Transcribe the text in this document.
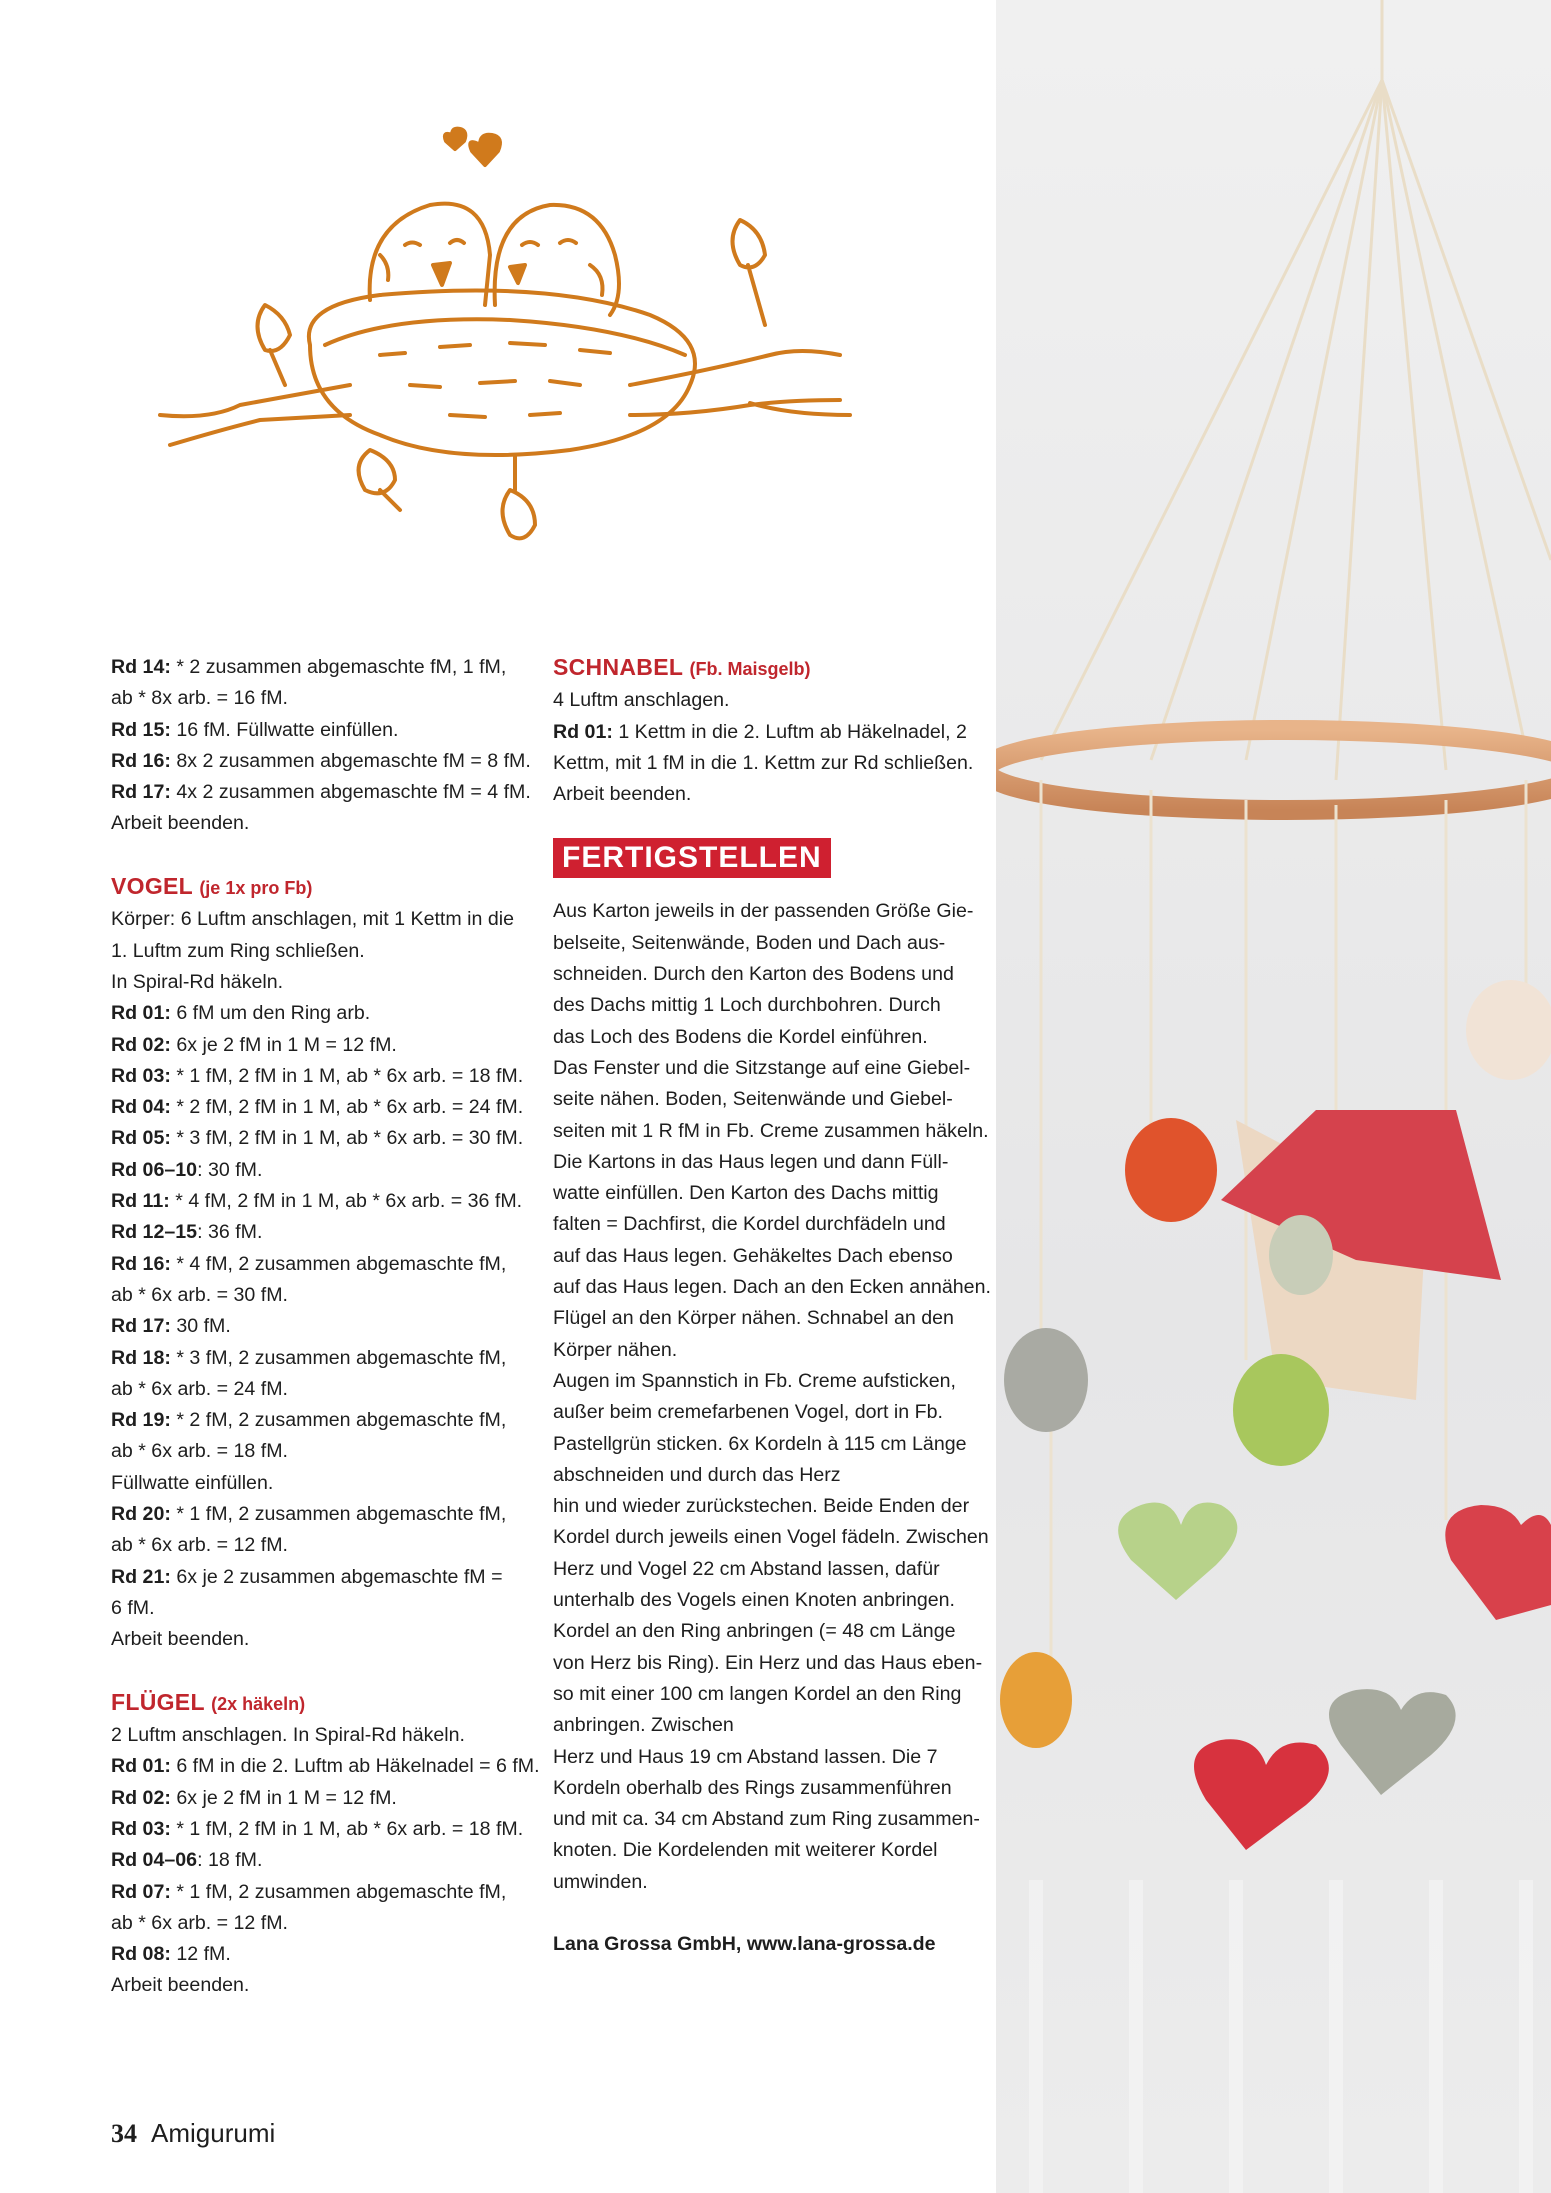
Rd 14: * 2 zusammen abgemaschte fM, 1 fM,

ab * 8x arb. = 16 fM.

Rd 15: 16 fM. Füllwatte einfüllen.

Rd 16: 8x 2 zusammen abgemaschte fM = 8 fM.

Rd 17: 4x 2 zusammen abgemaschte fM = 4 fM.

Arbeit beenden.

VOGEL (je 1x pro Fb)

Körper: 6 Luftm anschlagen, mit 1 Kettm in die

1. Luftm zum Ring schließen.

In Spiral-Rd häkeln.

Rd 01: 6 fM um den Ring arb.

Rd 02: 6x je 2 fM in 1 M = 12 fM.

Rd 03: * 1 fM, 2 fM in 1 M, ab * 6x arb. = 18 fM.

Rd 04: * 2 fM, 2 fM in 1 M, ab * 6x arb. = 24 fM.

Rd 05: * 3 fM, 2 fM in 1 M, ab * 6x arb. = 30 fM.

Rd 06–10: 30 fM.

Rd 11: * 4 fM, 2 fM in 1 M, ab * 6x arb. = 36 fM.

Rd 12–15: 36 fM.

Rd 16: * 4 fM, 2 zusammen abgemaschte fM,

ab * 6x arb. = 30 fM.

Rd 17: 30 fM.

Rd 18: * 3 fM, 2 zusammen abgemaschte fM,

ab * 6x arb. = 24 fM.

Rd 19: * 2 fM, 2 zusammen abgemaschte fM,

ab * 6x arb. = 18 fM.

Füllwatte einfüllen.

Rd 20: * 1 fM, 2 zusammen abgemaschte fM,

ab * 6x arb. = 12 fM.

Rd 21: 6x je 2 zusammen abgemaschte fM =

6 fM.

Arbeit beenden.

FLÜGEL (2x häkeln)

2 Luftm anschlagen. In Spiral-Rd häkeln.

Rd 01: 6 fM in die 2. Luftm ab Häkelnadel = 6 fM.

Rd 02: 6x je 2 fM in 1 M = 12 fM.

Rd 03: * 1 fM, 2 fM in 1 M, ab * 6x arb. = 18 fM.

Rd 04–06: 18 fM.

Rd 07: * 1 fM, 2 zusammen abgemaschte fM,

ab * 6x arb. = 12 fM.

Rd 08: 12 fM.

Arbeit beenden.

SCHNABEL (Fb. Maisgelb)

4 Luftm anschlagen.

Rd 01: 1 Kettm in die 2. Luftm ab Häkelnadel, 2

Kettm, mit 1 fM in die 1. Kettm zur Rd schließen.

Arbeit beenden.

FERTIGSTELLEN

Aus Karton jeweils in der passenden Größe Gie-

belseite, Seitenwände, Boden und Dach aus-

schneiden. Durch den Karton des Bodens und

des Dachs mittig 1 Loch durchbohren. Durch

das Loch des Bodens die Kordel einführen.

Das Fenster und die Sitzstange auf eine Giebel-

seite nähen. Boden, Seitenwände und Giebel-

seiten mit 1 R fM in Fb. Creme zusammen häkeln.

Die Kartons in das Haus legen und dann Füll-

watte einfüllen. Den Karton des Dachs mittig

falten = Dachfirst, die Kordel durchfädeln und

auf das Haus legen. Gehäkeltes Dach ebenso

auf das Haus legen. Dach an den Ecken annähen.

Flügel an den Körper nähen. Schnabel an den

Körper nähen.

Augen im Spannstich in Fb. Creme aufsticken,

außer beim cremefarbenen Vogel, dort in Fb.

Pastellgrün sticken. 6x Kordeln à 115 cm Länge

abschneiden und durch das Herz

hin und wieder zurückstechen. Beide Enden der

Kordel durch jeweils einen Vogel fädeln. Zwischen

Herz und Vogel 22 cm Abstand lassen, dafür

unterhalb des Vogels einen Knoten anbringen.

Kordel an den Ring anbringen (= 48 cm Länge

von Herz bis Ring). Ein Herz und das Haus eben-

so mit einer 100 cm langen Kordel an den Ring

anbringen. Zwischen

Herz und Haus 19 cm Abstand lassen. Die 7

Kordeln oberhalb des Rings zusammenführen

und mit ca. 34 cm Abstand zum Ring zusammen-

knoten. Die Kordelenden mit weiterer Kordel

umwinden.

Lana Grossa GmbH, www.lana-grossa.de

34 Amigurumi
